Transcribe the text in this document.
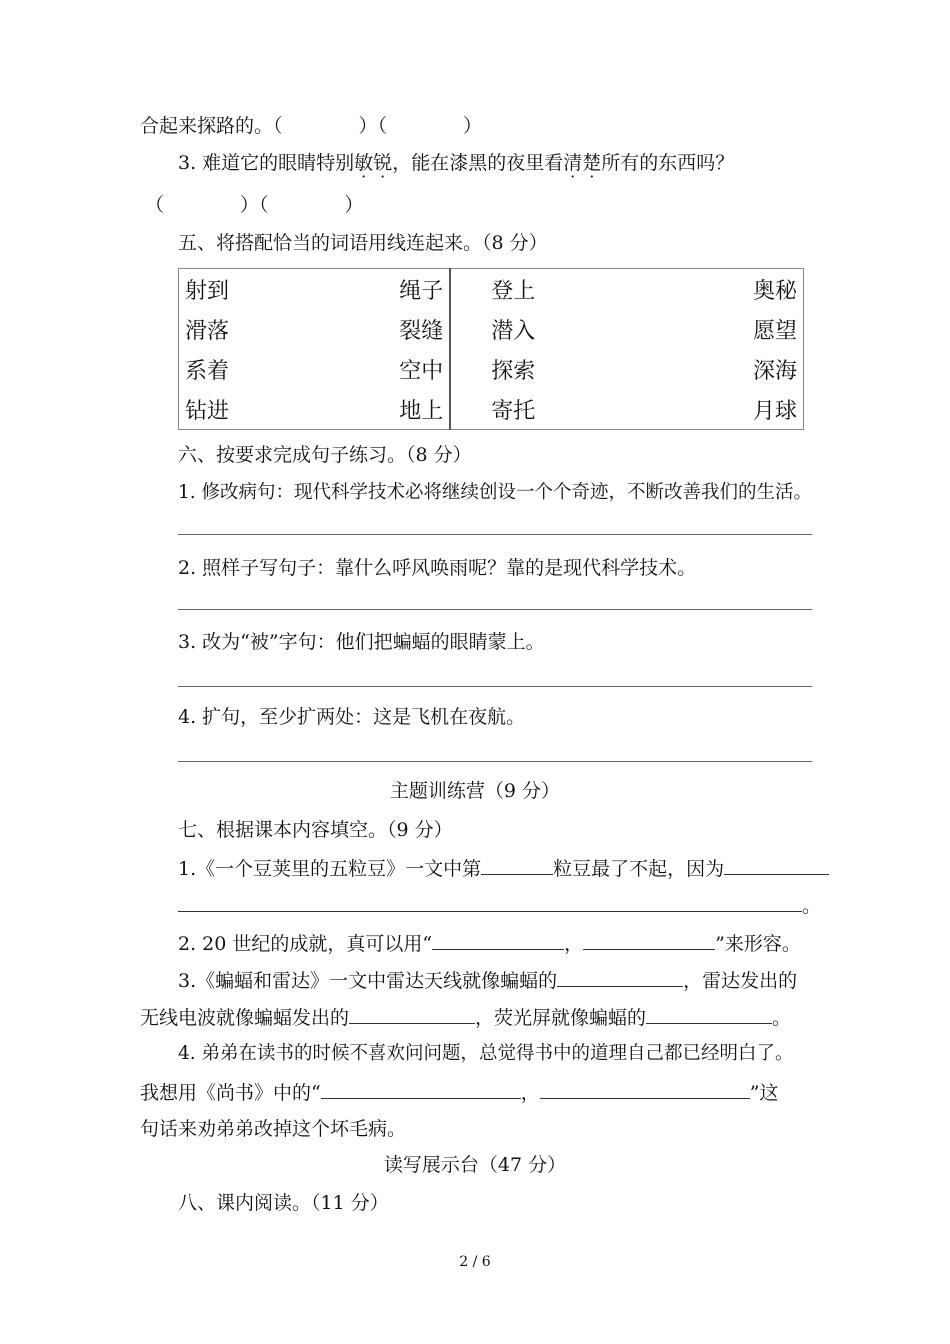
合起来探路的。（　　　　）（　　　　）
3. 难道它的眼睛特别敏锐，能在漆黑的夜里看清楚所有的东西吗？
（　　　　）（　　　　）
五、将搭配恰当的词语用线连起来。（8 分）
射到	绳子	登上	奥秘
滑落	裂缝	潜入	愿望
系着	空中	探索	深海
钻进	地上	寄托	月球
六、按要求完成句子练习。（8 分）
1. 修改病句：现代科学技术必将继续创设一个个奇迹，不断改善我们的生活。
2. 照样子写句子：靠什么呼风唤雨呢？靠的是现代科学技术。
3. 改为“被”字句：他们把蝙蝠的眼睛蒙上。
4. 扩句，至少扩两处：这是飞机在夜航。
主题训练营（9 分）
七、根据课本内容填空。（9 分）
1.《一个豆荚里的五粒豆》一文中第	粒豆最了不起，因为
。
2. 20 世纪的成就，真可以用“	，	”来形容。
3.《蝙蝠和雷达》一文中雷达天线就像蝙蝠的	，雷达发出的
无线电波就像蝙蝠发出的	，荧光屏就像蝙蝠的	。
4. 弟弟在读书的时候不喜欢问问题，总觉得书中的道理自己都已经明白了。
我想用《尚书》中的“	，	”这
句话来劝弟弟改掉这个坏毛病。
读写展示台（47 分）
八、课内阅读。（11 分）
2 / 6
